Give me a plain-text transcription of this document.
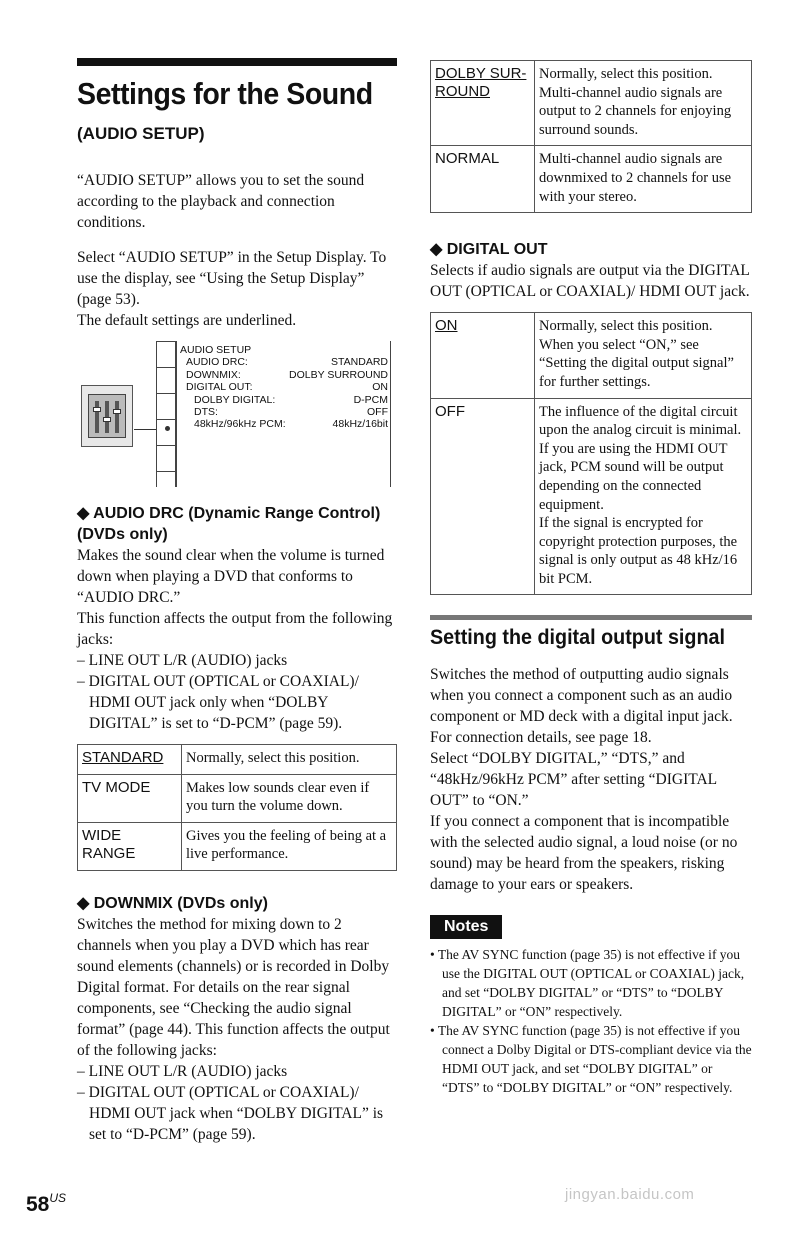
Settings for the Sound
(AUDIO SETUP)

“AUDIO SETUP” allows you to set the sound according to the playback and connection conditions.

Select “AUDIO SETUP” in the Setup Display. To use the display, see “Using the Setup Display” (page 53).

The default settings are underlined.

AUDIO SETUP
AUDIO DRC:	STANDARD
DOWNMIX:	DOLBY SURROUND
DIGITAL OUT:	ON
DOLBY DIGITAL:	D-PCM
DTS:	OFF
48kHz/96kHz PCM:	48kHz/16bit
◆ AUDIO DRC (Dynamic Range Control) (DVDs only)

Makes the sound clear when the volume is turned down when playing a DVD that conforms to “AUDIO DRC.”

This function affects the output from the following jacks:

– LINE OUT L/R (AUDIO) jacks
– DIGITAL OUT (OPTICAL or COAXIAL)/ HDMI OUT jack only when “DOLBY DIGITAL” is set to “D-PCM” (page 59).
STANDARD	Normally, select this position.
TV MODE	Makes low sounds clear even if you turn the volume down.
WIDE RANGE	Gives you the feeling of being at a live performance.
◆ DOWNMIX (DVDs only)

Switches the method for mixing down to 2 channels when you play a DVD which has rear sound elements (channels) or is recorded in Dolby Digital format. For details on the rear signal components, see “Checking the audio signal format” (page 44). This function affects the output of the following jacks:

– LINE OUT L/R (AUDIO) jacks
– DIGITAL OUT (OPTICAL or COAXIAL)/ HDMI OUT jack when “DOLBY DIGITAL” is set to “D-PCM” (page 59).
DOLBY SUR- ROUND	Normally, select this position. Multi-channel audio signals are output to 2 channels for enjoying surround sounds.
NORMAL	Multi-channel audio signals are downmixed to 2 channels for use with your stereo.
◆ DIGITAL OUT

Selects if audio signals are output via the DIGITAL OUT (OPTICAL or COAXIAL)/ HDMI OUT jack.

ON	Normally, select this position. When you select “ON,” see “Setting the digital output signal” for further settings.
OFF	The influence of the digital circuit upon the analog circuit is minimal. If you are using the HDMI OUT jack, PCM sound will be output depending on the connected equipment.
If the signal is encrypted for copyright protection purposes, the signal is only output as 48 kHz/16 bit PCM.
Setting the digital output signal

Switches the method of outputting audio signals when you connect a component such as an audio component or MD deck with a digital input jack.

For connection details, see page 18.

Select “DOLBY DIGITAL,” “DTS,” and “48kHz/96kHz PCM” after setting “DIGITAL OUT” to “ON.”

If you connect a component that is incompatible with the selected audio signal, a loud noise (or no sound) may be heard from the speakers, risking damage to your ears or speakers.

Notes
• The AV SYNC function (page 35) is not effective if you use the DIGITAL OUT (OPTICAL or COAXIAL) jack, and set “DOLBY DIGITAL” or “DTS” to “DOLBY DIGITAL” or “ON” respectively.
• The AV SYNC function (page 35) is not effective if you connect a Dolby Digital or DTS-compliant device via the HDMI OUT jack, and set “DOLBY DIGITAL” or “DTS” to “DOLBY DIGITAL” or “ON” respectively.
$58^{US}$	jingyan.baidu.com
